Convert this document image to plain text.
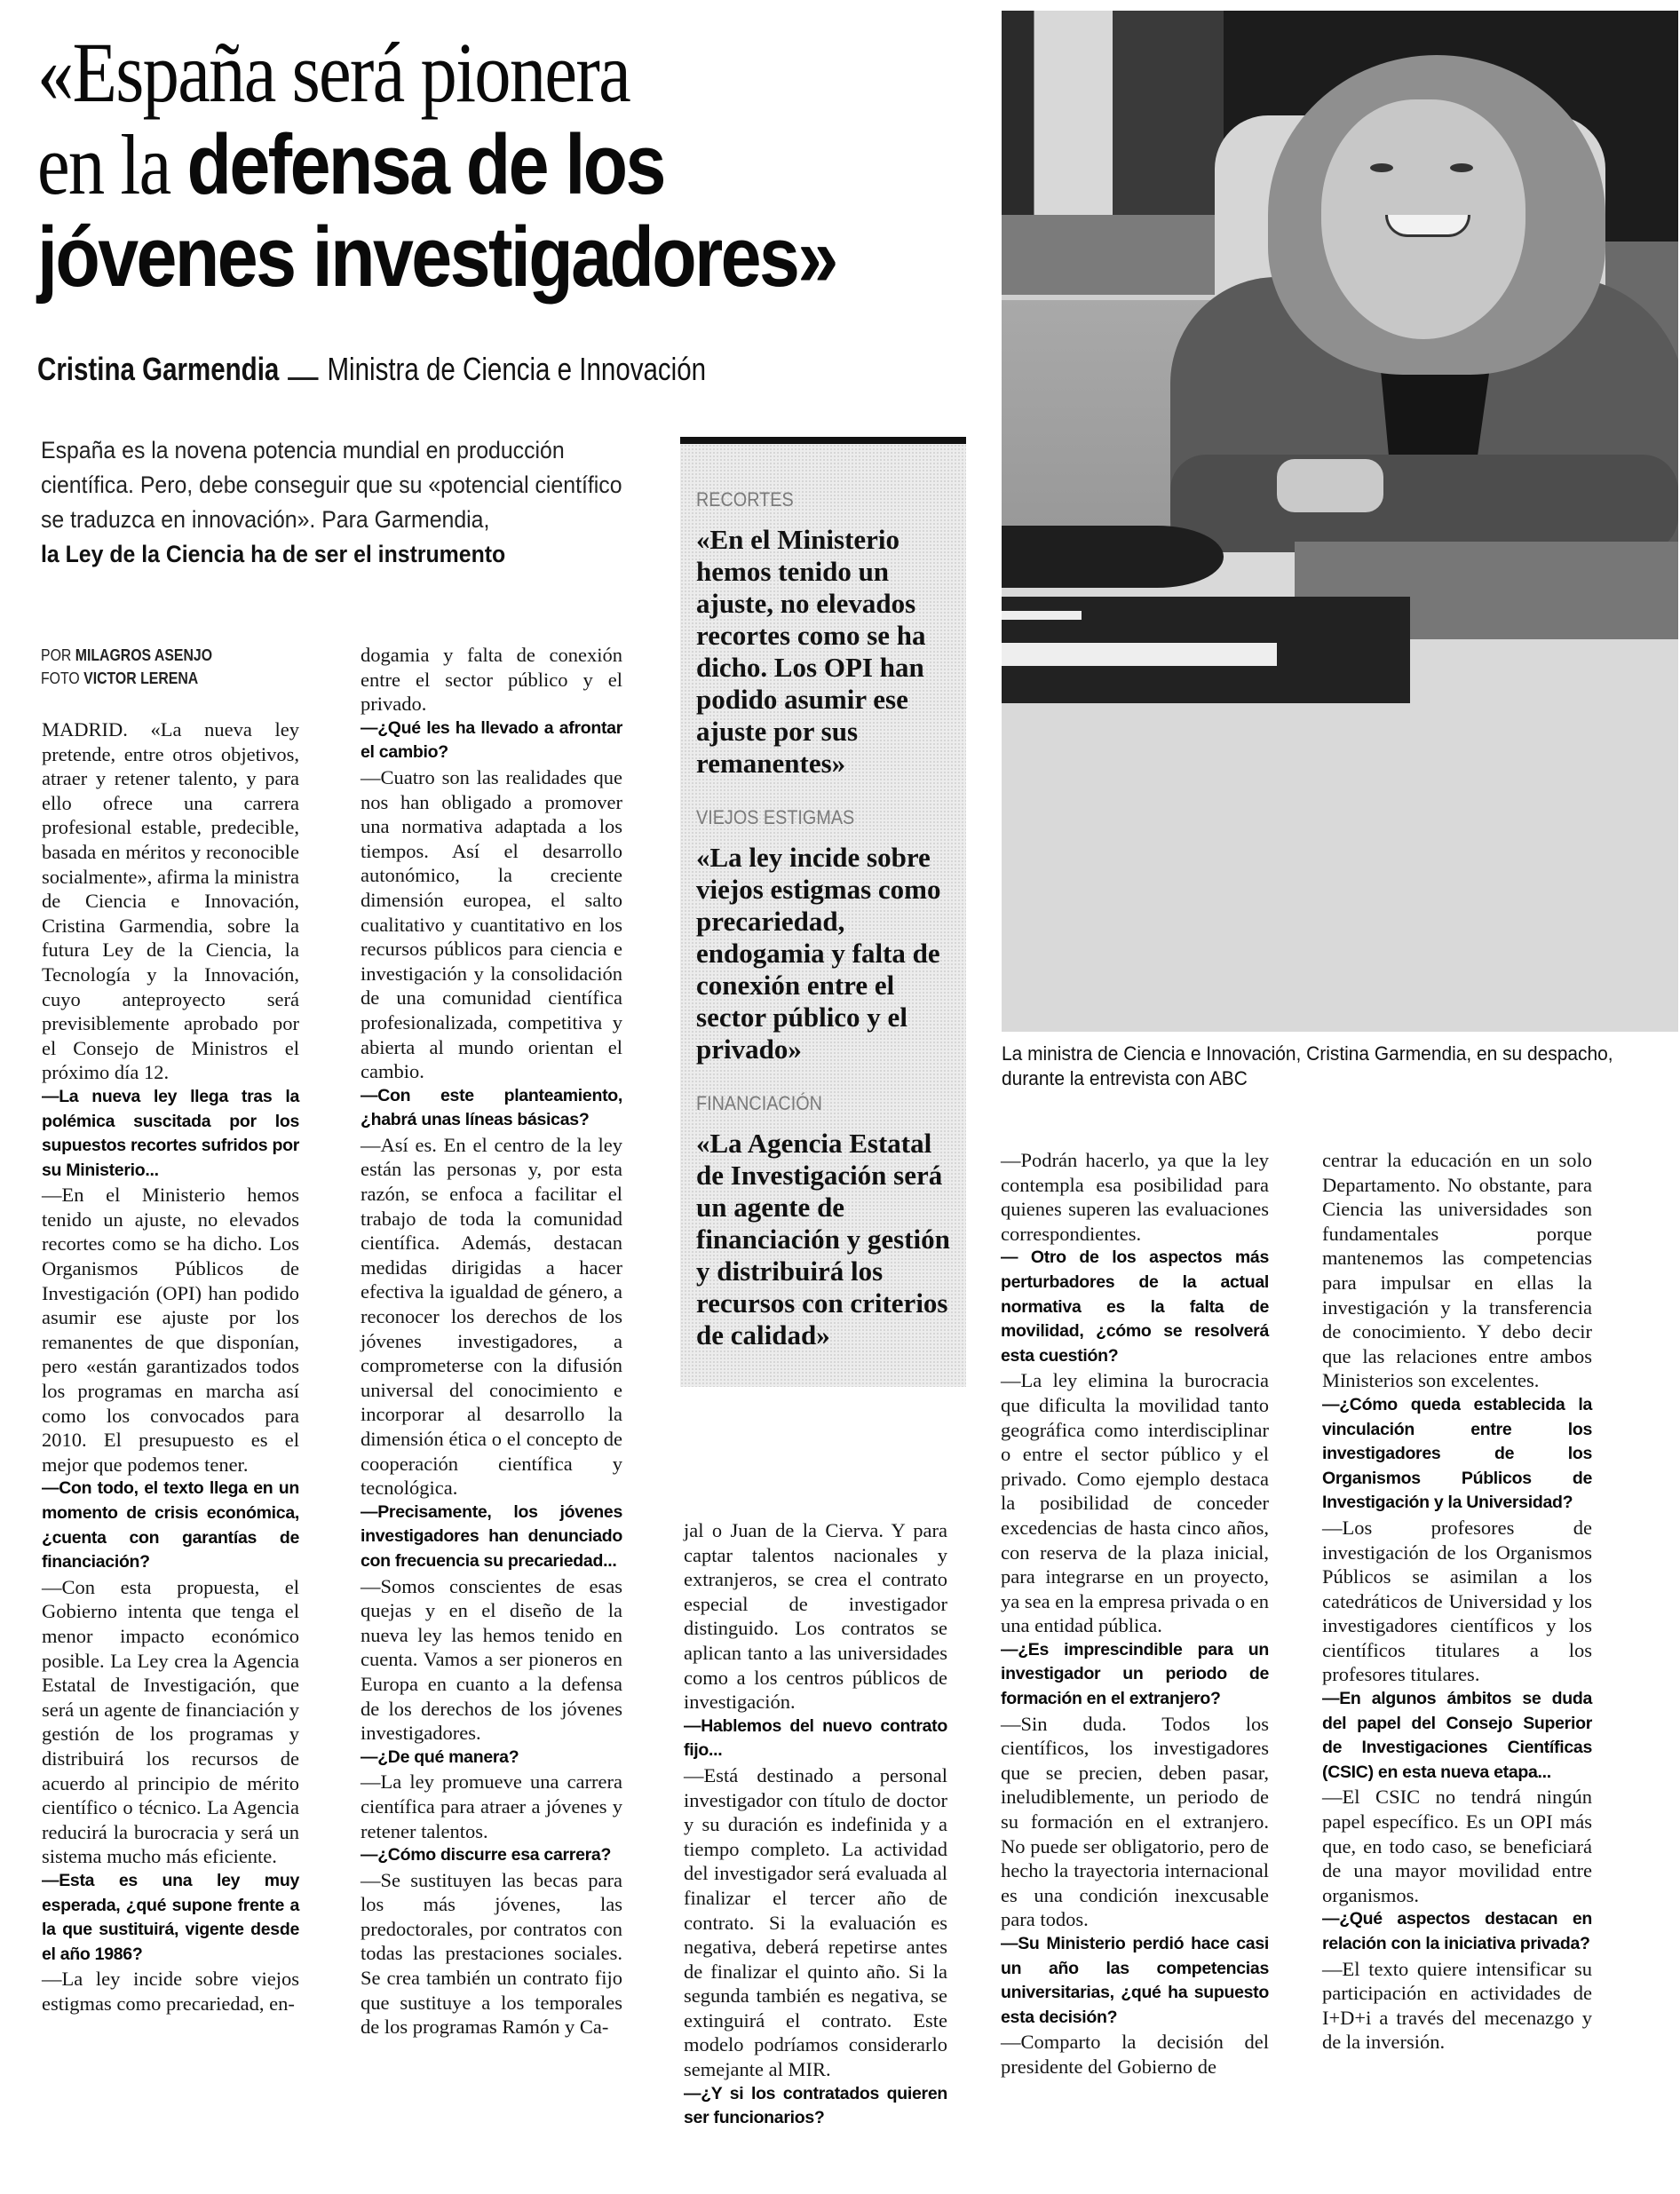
«España será pionera
en la defensa de los
jóvenes investigadores»
Cristina Garmendia Ministra de Ciencia e Innovación
España es la novena potencia mundial en producción científica. Pero, debe conseguir que su «potencial científico se traduzca en innovación». Para Garmendia,
la Ley de la Ciencia ha de ser el instrumento
POR MILAGROS ASENJO
FOTO VICTOR LERENA

MADRID. «La nueva ley pretende, entre otros objetivos, atraer y retener talento, y para ello ofrece una carrera profesional estable, predecible, basada en méritos y reconocible socialmente», afirma la ministra de Ciencia e Innovación, Cristina Garmendia, sobre la futura Ley de la Ciencia, la Tecnología y la Innovación, cuyo anteproyecto será previsiblemente aprobado por el Consejo de Ministros el próximo día 12.

—La nueva ley llega tras la polémica suscitada por los supuestos recortes sufridos por su Ministerio...

—En el Ministerio hemos tenido un ajuste, no elevados recortes como se ha dicho. Los Organismos Públicos de Investigación (OPI) han podido asumir ese ajuste por los remanentes de que disponían, pero «están garantizados todos los programas en marcha así como los convocados para 2010. El presupuesto es el mejor que podemos tener.

—Con todo, el texto llega en un momento de crisis económica, ¿cuenta con garantías de financiación?

—Con esta propuesta, el Gobierno intenta que tenga el menor impacto económico posible. La Ley crea la Agencia Estatal de Investigación, que será un agente de financiación y gestión de los programas y distribuirá los recursos de acuerdo al principio de mérito científico o técnico. La Agencia reducirá la burocracia y será un sistema mucho más eficiente.

—Esta es una ley muy esperada, ¿qué supone frente a la que sustituirá, vigente desde el año 1986?

—La ley incide sobre viejos estigmas como precariedad, en-

dogamia y falta de conexión entre el sector público y el privado.

—¿Qué les ha llevado a afrontar el cambio?

—Cuatro son las realidades que nos han obligado a promover una normativa adaptada a los tiempos. Así el desarrollo autonómico, la creciente dimensión europea, el salto cualitativo y cuantitativo en los recursos públicos para ciencia e investigación y la consolidación de una comunidad científica profesionalizada, competitiva y abierta al mundo orientan el cambio.

—Con este planteamiento, ¿habrá unas líneas básicas?

—Así es. En el centro de la ley están las personas y, por esta razón, se enfoca a facilitar el trabajo de toda la comunidad científica. Además, destacan medidas dirigidas a hacer efectiva la igualdad de género, a reconocer los derechos de los jóvenes investigadores, a comprometerse con la difusión universal del conocimiento e incorporar al desarrollo la dimensión ética o el concepto de cooperación científica y tecnológica.

—Precisamente, los jóvenes investigadores han denunciado con frecuencia su precariedad...

—Somos conscientes de esas quejas y en el diseño de la nueva ley las hemos tenido en cuenta. Vamos a ser pioneros en Europa en cuanto a la defensa de los derechos de los jóvenes investigadores.

—¿De qué manera?

—La ley promueve una carrera científica para atraer a jóvenes y retener talentos.

—¿Cómo discurre esa carrera?

—Se sustituyen las becas para los más jóvenes, las predoctorales, por contratos con todas las prestaciones sociales. Se crea también un contrato fijo que sustituye a los temporales de los programas Ramón y Ca-

jal o Juan de la Cierva. Y para captar talentos nacionales y extranjeros, se crea el contrato especial de investigador distinguido. Los contratos se aplican tanto a las universidades como a los centros públicos de investigación.

—Hablemos del nuevo contrato fijo...

—Está destinado a personal investigador con título de doctor y su duración es indefinida y a tiempo completo. La actividad del investigador será evaluada al finalizar el tercer año de contrato. Si la evaluación es negativa, deberá repetirse antes de finalizar el quinto año. Si la segunda también es negativa, se extinguirá el contrato. Este modelo podríamos considerarlo semejante al MIR.

—¿Y si los contratados quieren ser funcionarios?

—Podrán hacerlo, ya que la ley contempla esa posibilidad para quienes superen las evaluaciones correspondientes.

— Otro de los aspectos más perturbadores de la actual normativa es la falta de movilidad, ¿cómo se resolverá esta cuestión?

—La ley elimina la burocracia que dificulta la movilidad tanto geográfica como interdisciplinar o entre el sector público y el privado. Como ejemplo destaca la posibilidad de conceder excedencias de hasta cinco años, con reserva de la plaza inicial, para integrarse en un proyecto, ya sea en la empresa privada o en una entidad pública.

—¿Es imprescindible para un investigador un periodo de formación en el extranjero?

—Sin duda. Todos los científicos, los investigadores que se precien, deben pasar, ineludiblemente, un periodo de su formación en el extranjero. No puede ser obligatorio, pero de hecho la trayectoria internacional es una condición inexcusable para todos.

—Su Ministerio perdió hace casi un año las competencias universitarias, ¿qué ha supuesto esta decisión?

—Comparto la decisión del presidente del Gobierno de

centrar la educación en un solo Departamento. No obstante, para Ciencia las universidades son fundamentales porque mantenemos las competencias para impulsar en ellas la investigación y la transferencia de conocimiento. Y debo decir que las relaciones entre ambos Ministerios son excelentes.

—¿Cómo queda establecida la vinculación entre los investigadores de los Organismos Públicos de Investigación y la Universidad?

—Los profesores de investigación de los Organismos Públicos se asimilan a los catedráticos de Universidad y los investigadores científicos y los científicos titulares a los profesores titulares.

—En algunos ámbitos se duda del papel del Consejo Superior de Investigaciones Científicas (CSIC) en esta nueva etapa...

—El CSIC no tendrá ningún papel específico. Es un OPI más que, en todo caso, se beneficiará de una mayor movilidad entre organismos.

—¿Qué aspectos destacan en relación con la iniciativa privada?

—El texto quiere intensificar su participación en actividades de I+D+i a través del mecenazgo y de la inversión.

RECORTES
«En el Ministerio hemos tenido un ajuste, no elevados recortes como se ha dicho. Los OPI han podido asumir ese ajuste por sus remanentes»
VIEJOS ESTIGMAS
«La ley incide sobre viejos estigmas como precariedad, endogamia y falta de conexión entre el sector público y el privado»
FINANCIACIÓN
«La Agencia Estatal de Investigación será un agente de financiación y gestión y distribuirá los recursos con criterios de calidad»
La ministra de Ciencia e Innovación, Cristina Garmendia, en su despacho, durante la entrevista con ABC
